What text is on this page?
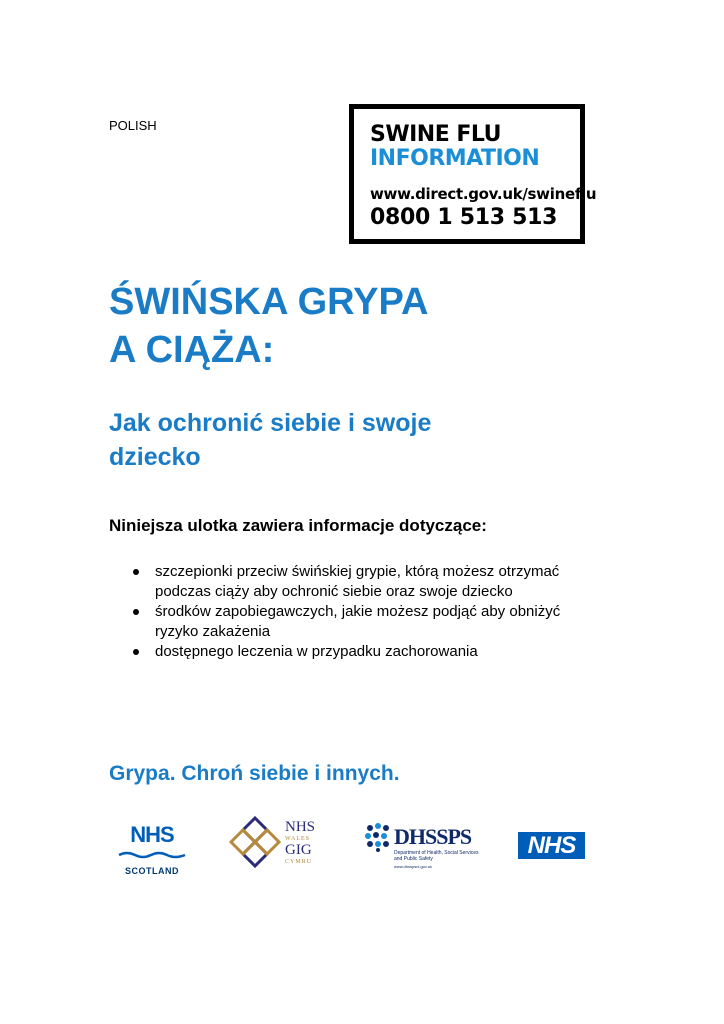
POLISH	SWINE FLU
INFORMATION
www.direct.gov.uk/swineflu
0800 1 513 513
ŚWIŃSKA GRYPA
A CIĄŻA:
Jak ochronić siebie i swoje dziecko

Niniejsza ulotka zawiera informacje dotyczące:

szczepionki przeciw świńskiej grypie, którą możesz otrzymać podczas ciąży aby ochronić siebie oraz swoje dziecko
środków zapobiegawczych, jakie możesz podjąć aby obniżyć ryzyko zakażenia
dostępnego leczenia w przypadku zachorowania

Grypa. Chroń siebie i innych.

NHS
SCOTLAND
NHS
WALES
GIG
CYMRU
DHSSPS
Department of Health, Social Services and Public Safety
www.dhsspsni.gov.uk
NHS
